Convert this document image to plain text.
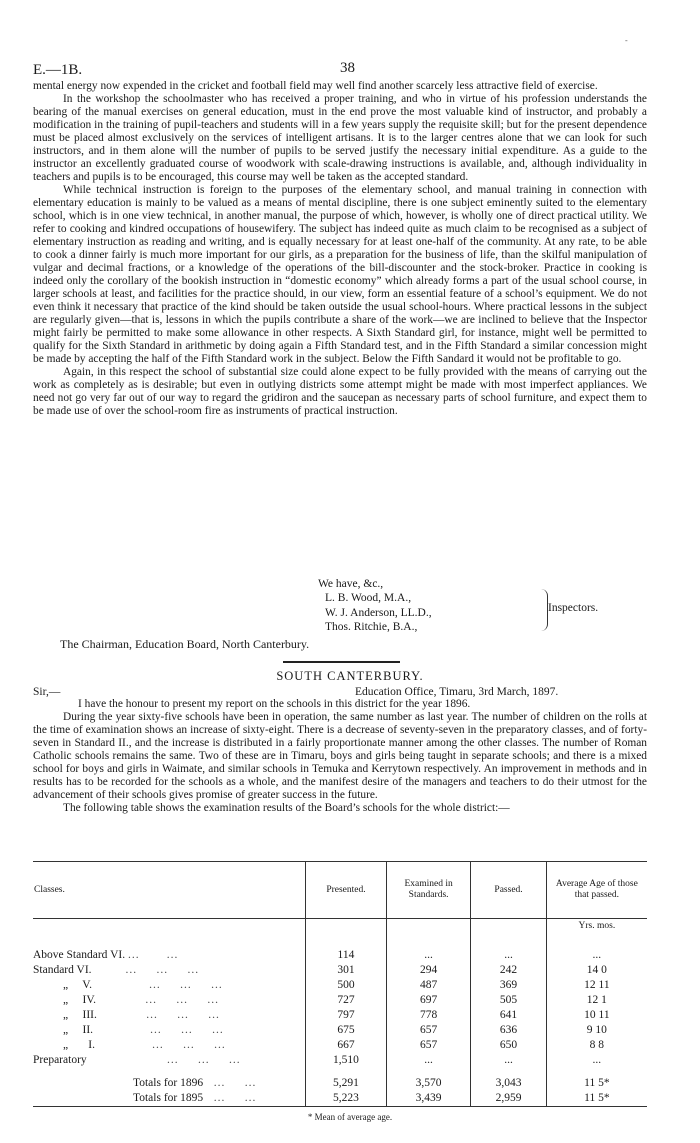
-
E.—1B.	38

mental energy now expended in the cricket and football field may well find another scarcely less attractive field of exercise.

In the workshop the schoolmaster who has received a proper training, and who in virtue of his profession understands the bearing of the manual exercises on general education, must in the end prove the most valuable kind of instructor, and probably a modification in the training of pupil-teachers and students will in a few years supply the requisite skill; but for the present dependence must be placed almost exclusively on the services of intelligent artisans. It is to the larger centres alone that we can look for such instructors, and in them alone will the number of pupils to be served justify the necessary initial expenditure. As a guide to the instructor an excellently graduated course of woodwork with scale-drawing instructions is available, and, although individuality in teachers and pupils is to be encouraged, this course may well be taken as the accepted standard.

While technical instruction is foreign to the purposes of the elementary school, and manual training in connection with elementary education is mainly to be valued as a means of mental discipline, there is one subject eminently suited to the elementary school, which is in one view technical, in another manual, the purpose of which, however, is wholly one of direct practical utility. We refer to cooking and kindred occupations of housewifery. The subject has indeed quite as much claim to be recognised as a subject of elementary instruction as reading and writing, and is equally necessary for at least one-half of the community. At any rate, to be able to cook a dinner fairly is much more important for our girls, as a preparation for the business of life, than the skilful manipulation of vulgar and decimal fractions, or a knowledge of the operations of the bill-discounter and the stock-broker. Practice in cooking is indeed only the corollary of the bookish instruction in “domestic economy” which already forms a part of the usual school course, in larger schools at least, and facilities for the practice should, in our view, form an essential feature of a school’s equipment. We do not even think it necessary that practice of the kind should be taken outside the usual school-hours. Where practical lessons in the subject are regularly given—that is, lessons in which the pupils contribute a share of the work—we are inclined to believe that the Inspector might fairly be permitted to make some allowance in other respects. A Sixth Standard girl, for instance, might well be permitted to qualify for the Sixth Standard in arithmetic by doing again a Fifth Standard test, and in the Fifth Standard a similar concession might be made by accepting the half of the Fifth Standard work in the subject. Below the Fifth Sandard it would not be profitable to go.

Again, in this respect the school of substantial size could alone expect to be fully provided with the means of carrying out the work as completely as is desirable; but even in outlying districts some attempt might be made with most imperfect appliances. We need not go very far out of our way to regard the gridiron and the saucepan as necessary parts of school furniture, and expect them to be made use of over the school-room fire as instruments of practical instruction.

We have, &c.,
L. B. Wood, M.A.,
W. J. Anderson, LL.D.,
Thos. Ritchie, B.A.,
Inspectors.
The Chairman, Education Board, North Canterbury.
SOUTH CANTERBURY.
Sir,—	Education Office, Timaru, 3rd March, 1897.

I have the honour to present my report on the schools in this district for the year 1896.

During the year sixty-five schools have been in operation, the same number as last year. The number of children on the rolls at the time of examination shows an increase of sixty-eight. There is a decrease of seventy-seven in the preparatory classes, and of forty-seven in Standard II., and the increase is distributed in a fairly proportionate manner among the other classes. The number of Roman Catholic schools remains the same. Two of these are in Timaru, boys and girls being taught in separate schools; and there is a mixed school for boys and girls in Waimate, and similar schools in Temuka and Kerrytown respectively. An improvement in methods and in results has to be recorded for the schools as a whole, and the manifest desire of the managers and teachers to do their utmost for the advancement of their schools gives promise of greater success in the future.

The following table shows the examination results of the Board’s schools for the whole district:—

Classes.	Presented.	Examined in Standards.	Passed.	Average Age of those that passed.
				Yrs. mos.

Above Standard VI. ...       ...	114	...	...	...
Standard VI.         ...     ...     ...	301	294	242	14 0
„ V.               ...     ...     ...	500	487	369	12 11
„ IV.             ...     ...     ...	727	697	505	12 1
„ III.             ...     ...     ...	797	778	641	10 11
„ II.               ...     ...     ...	675	657	636	9 10
„ I.               ...     ...     ...	667	657	650	8 8
Preparatory                     ...     ...     ...	1,510	...	...	...

Totals for 1896   ...     ...	5,291	3,570	3,043	11 5*
Totals for 1895   ...     ...	5,223	3,439	2,959	11 5*
* Mean of average age.
